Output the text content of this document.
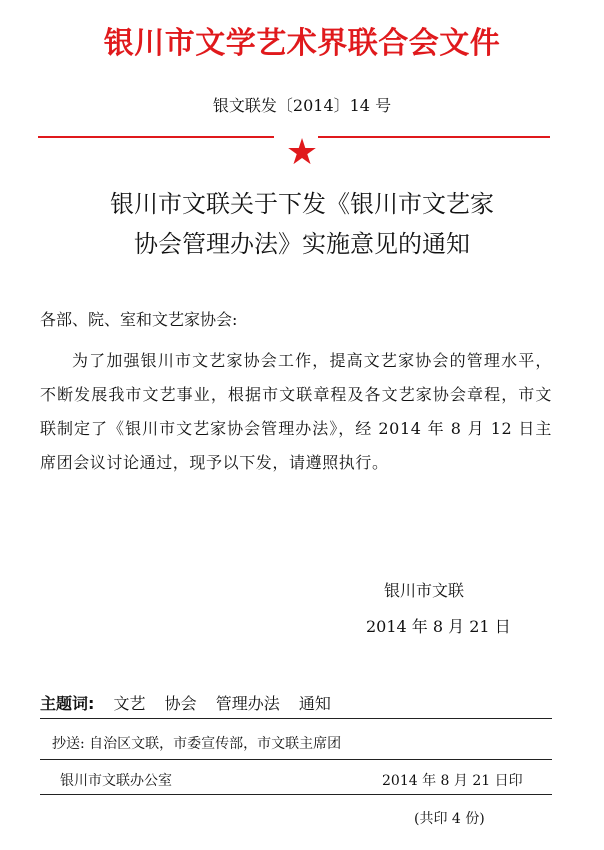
银川市文学艺术界联合会文件
银文联发〔2014〕14 号
★
银川市文联关于下发《银川市文艺家
协会管理办法》实施意见的通知
各部、院、室和文艺家协会:
为了加强银川市文艺家协会工作，提高文艺家协会的管理水平，不断发展我市文艺事业，根据市文联章程及各文艺家协会章程，市文联制定了《银川市文艺家协会管理办法》，经 2014 年 8 月 12 日主席团会议讨论通过，现予以下发，请遵照执行。
银川市文联
2014 年 8 月 21 日
主题词: 文艺 协会 管理办法 通知
抄送: 自治区文联，市委宣传部，市文联主席团
银川市文联办公室	2014 年 8 月 21 日印
(共印 4 份)
